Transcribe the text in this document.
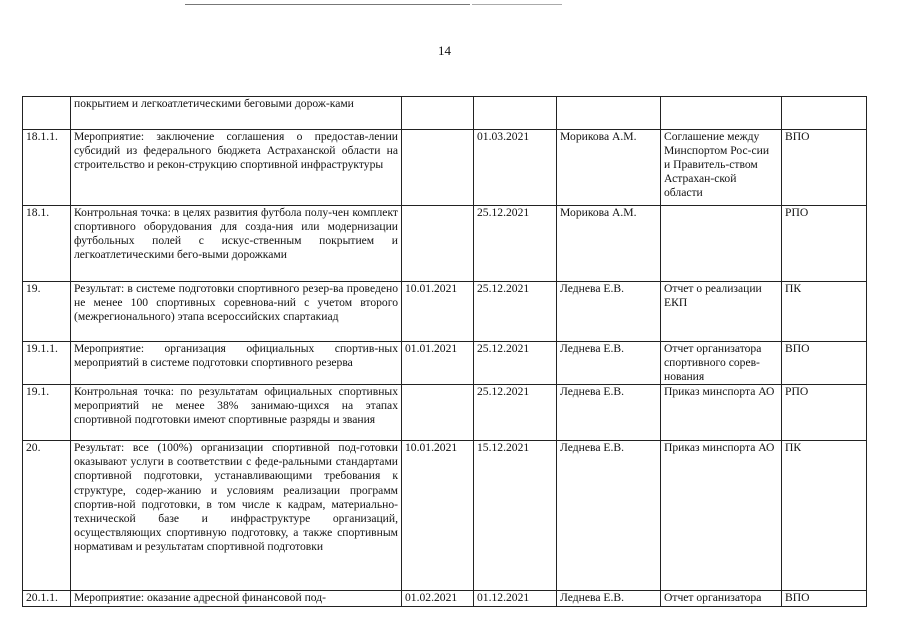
14
	покрытием и легкоатлетическими беговыми дорож-ками					
18.1.1.	Мероприятие: заключение соглашения о предостав-лении субсидий из федерального бюджета Астраханской области на строительство и рекон-струкцию спортивной инфраструктуры		01.03.2021	Морикова А.М.	Соглашение между Минспортом Рос-сии и Правитель-ством Астрахан-ской области	ВПО
18.1.	Контрольная точка: в целях развития футбола полу-чен комплект спортивного оборудования для созда-ния или модернизации футбольных полей с искус-ственным покрытием и легкоатлетическими бего-выми дорожками		25.12.2021	Морикова А.М.		РПО
19.	Результат: в системе подготовки спортивного резер-ва проведено не менее 100 спортивных соревнова-ний с учетом второго (межрегионального) этапа всероссийских спартакиад	10.01.2021	25.12.2021	Леднева Е.В.	Отчет о реализации ЕКП	ПК
19.1.1.	Мероприятие: организация официальных спортив-ных мероприятий в системе подготовки спортивного резерва	01.01.2021	25.12.2021	Леднева Е.В.	Отчет организатора спортивного сорев-нования	ВПО
19.1.	Контрольная точка: по результатам официальных спортивных мероприятий не менее 38% занимаю-щихся на этапах спортивной подготовки имеют спортивные разряды и звания		25.12.2021	Леднева Е.В.	Приказ минспорта АО	РПО
20.	Результат: все (100%) организации спортивной под-готовки оказывают услуги в соответствии с феде-ральными стандартами спортивной подготовки, устанавливающими требования к структуре, содер-жанию и условиям реализации программ спортив-ной подготовки, в том числе к кадрам, материально-технической базе и инфраструктуре организаций, осуществляющих спортивную подготовку, а также спортивным нормативам и результатам спортивной подготовки	10.01.2021	15.12.2021	Леднева Е.В.	Приказ минспорта АО	ПК
20.1.1.	Мероприятие: оказание адресной финансовой под-	01.02.2021	01.12.2021	Леднева Е.В.	Отчет организатора	ВПО
